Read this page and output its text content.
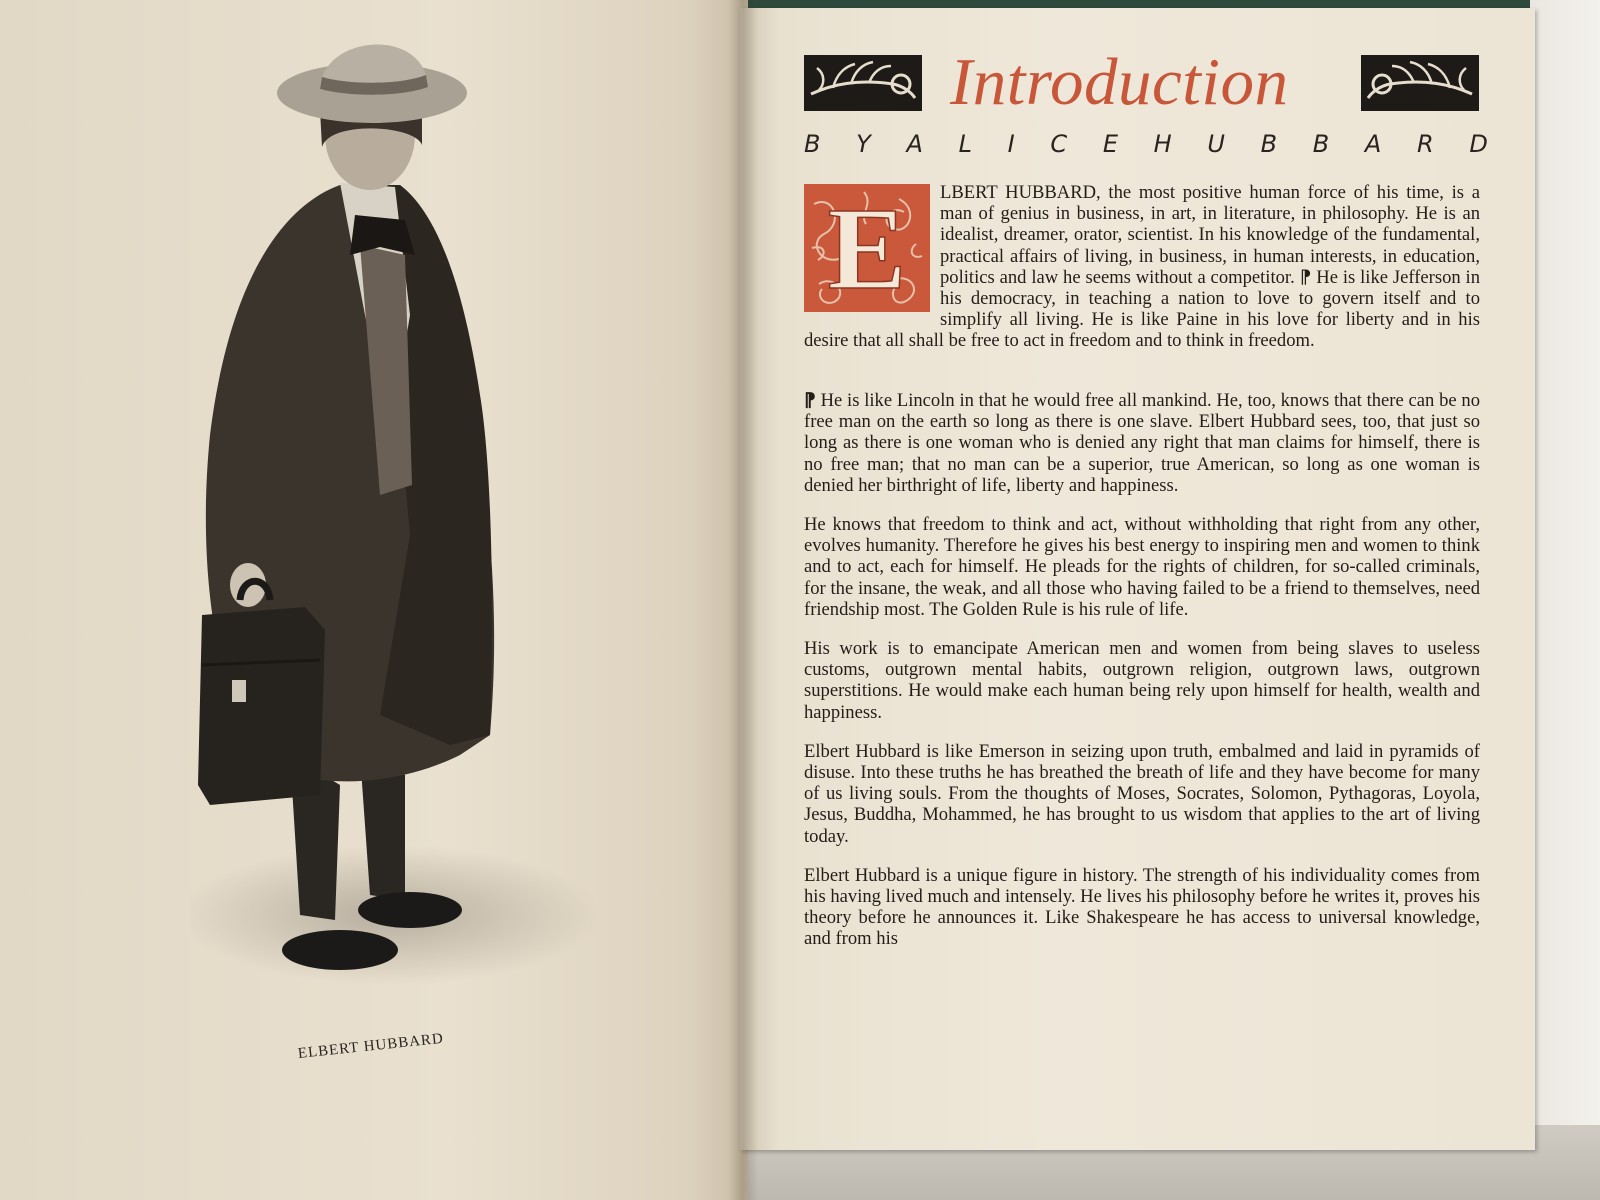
ELBERT HUBBARD
Introduction
B Y A L I C E H U B B A R D

E LBERT HUBBARD, the most positive human force of his time, is a man of genius in business, in art, in literature, in philosophy. He is an idealist, dreamer, orator, scientist. In his knowledge of the fundamental, practical affairs of living, in business, in human interests, in education, politics and law he seems without a competitor. ⁋ He is like Jefferson in his democracy, in teaching a nation to love to govern itself and to simplify all living. He is like Paine in his love for liberty and in his desire that all shall be free to act in freedom and to think in freedom.

⁋ He is like Lincoln in that he would free all mankind. He, too, knows that there can be no free man on the earth so long as there is one slave. Elbert Hubbard sees, too, that just so long as there is one woman who is denied any right that man claims for himself, there is no free man; that no man can be a superior, true American, so long as one woman is denied her birthright of life, liberty and happiness.

He knows that freedom to think and act, without withholding that right from any other, evolves humanity. Therefore he gives his best energy to inspiring men and women to think and to act, each for himself. He pleads for the rights of children, for so-called criminals, for the insane, the weak, and all those who having failed to be a friend to themselves, need friendship most. The Golden Rule is his rule of life.

His work is to emancipate American men and women from being slaves to useless customs, outgrown mental habits, outgrown religion, outgrown laws, outgrown superstitions. He would make each human being rely upon himself for health, wealth and happiness.

Elbert Hubbard is like Emerson in seizing upon truth, embalmed and laid in pyramids of disuse. Into these truths he has breathed the breath of life and they have become for many of us living souls. From the thoughts of Moses, Socrates, Solomon, Pythagoras, Loyola, Jesus, Buddha, Mohammed, he has brought to us wisdom that applies to the art of living today.

Elbert Hubbard is a unique figure in history. The strength of his individuality comes from his having lived much and intensely. He lives his philosophy before he writes it, proves his theory before he announces it. Like Shakespeare he has access to universal knowledge, and from his
